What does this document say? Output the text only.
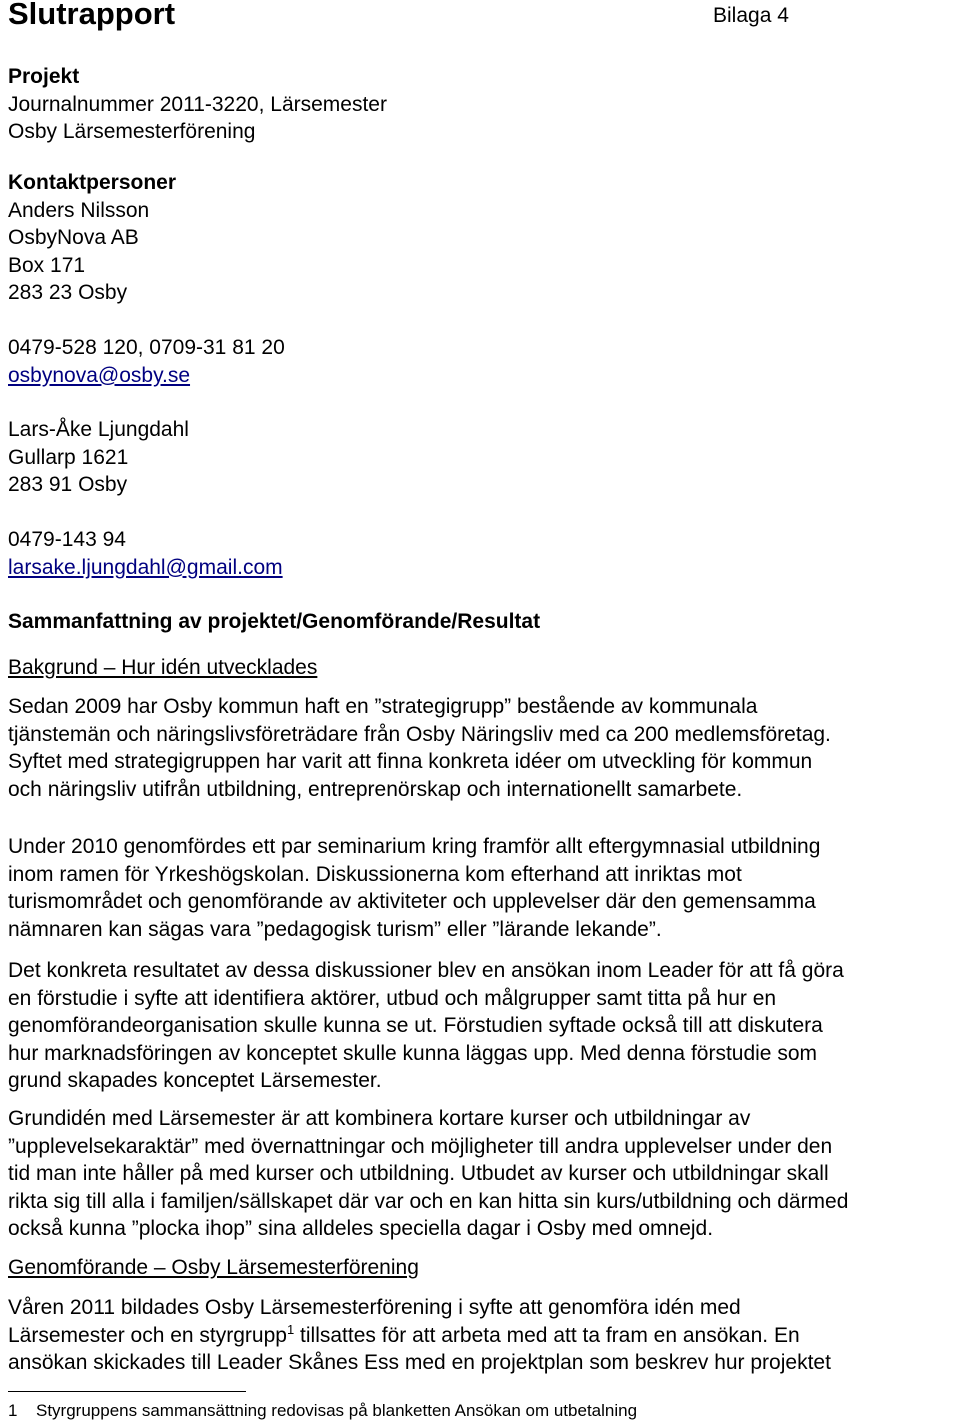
Slutrapport	Bilaga 4
Projekt
Journalnummer 2011-3220, Lärsemester
Osby Lärsemesterförening
Kontaktpersoner
Anders Nilsson
OsbyNova AB
Box 171
283 23 Osby
0479-528 120, 0709-31 81 20
osbynova@osby.se
Lars-Åke Ljungdahl
Gullarp 1621
283 91 Osby
0479-143 94
larsake.ljungdahl@gmail.com
Sammanfattning av projektet/Genomförande/Resultat
Bakgrund – Hur idén utvecklades
Sedan 2009 har Osby kommun haft en ”strategigrupp” bestående av kommunala
tjänstemän och näringslivsföreträdare från Osby Näringsliv med ca 200 medlemsföretag.
Syftet med strategigruppen har varit att finna konkreta idéer om utveckling för kommun
och näringsliv utifrån utbildning, entreprenörskap och internationellt samarbete.
Under 2010 genomfördes ett par seminarium kring framför allt eftergymnasial utbildning
inom ramen för Yrkeshögskolan. Diskussionerna kom efterhand att inriktas mot
turismområdet och genomförande av aktiviteter och upplevelser där den gemensamma
nämnaren kan sägas vara ”pedagogisk turism” eller ”lärande lekande”.
Det konkreta resultatet av dessa diskussioner blev en ansökan inom Leader för att få göra
en förstudie i syfte att identifiera aktörer, utbud och målgrupper samt titta på hur en
genomförandeorganisation skulle kunna se ut. Förstudien syftade också till att diskutera
hur marknadsföringen av konceptet skulle kunna läggas upp. Med denna förstudie som
grund skapades konceptet Lärsemester.
Grundidén med Lärsemester är att kombinera kortare kurser och utbildningar av
”upplevelsekaraktär” med övernattningar och möjligheter till andra upplevelser under den
tid man inte håller på med kurser och utbildning. Utbudet av kurser och utbildningar skall
rikta sig till alla i familjen/sällskapet där var och en kan hitta sin kurs/utbildning och därmed
också kunna ”plocka ihop” sina alldeles speciella dagar i Osby med omnejd.
Genomförande – Osby Lärsemesterförening
Våren 2011 bildades Osby Lärsemesterförening i syfte att genomföra idén med
Lärsemester och en styrgrupp$^1$ tillsattes för att arbeta med att ta fram en ansökan. En
ansökan skickades till Leader Skånes Ess med en projektplan som beskrev hur projektet
1 Styrgruppens sammansättning redovisas på blanketten Ansökan om utbetalning
